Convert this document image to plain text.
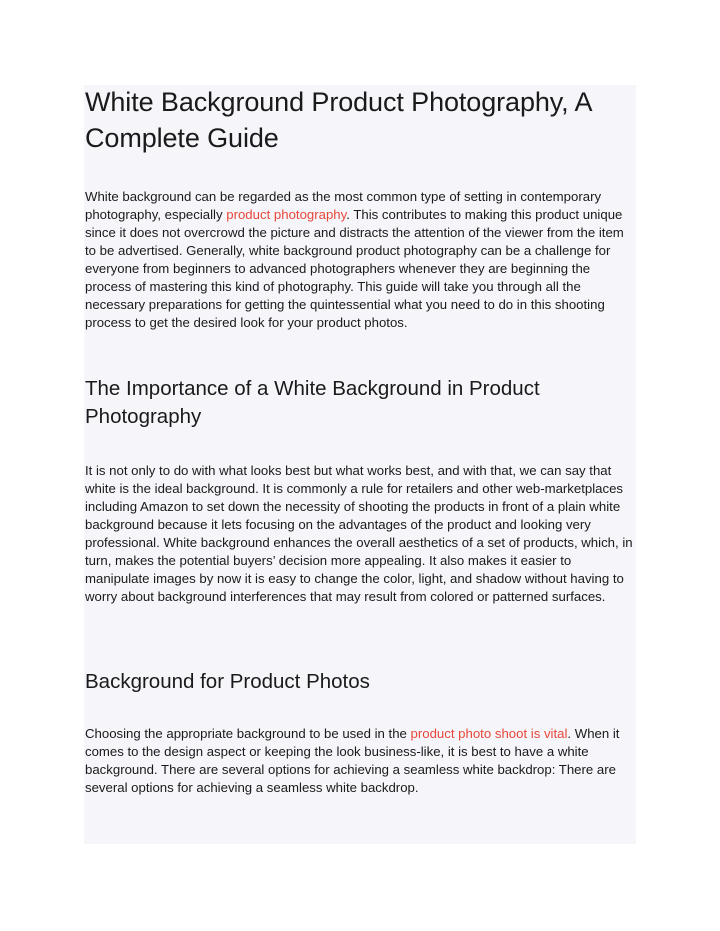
White Background Product Photography, A Complete Guide

White background can be regarded as the most common type of setting in contemporary photography, especially product photography. This contributes to making this product unique since it does not overcrowd the picture and distracts the attention of the viewer from the item to be advertised. Generally, white background product photography can be a challenge for everyone from beginners to advanced photographers whenever they are beginning the process of mastering this kind of photography. This guide will take you through all the necessary preparations for getting the quintessential what you need to do in this shooting process to get the desired look for your product photos.

The Importance of a White Background in Product Photography

It is not only to do with what looks best but what works best, and with that, we can say that white is the ideal background. It is commonly a rule for retailers and other web-marketplaces including Amazon to set down the necessity of shooting the products in front of a plain white background because it lets focusing on the advantages of the product and looking very professional. White background enhances the overall aesthetics of a set of products, which, in turn, makes the potential buyers’ decision more appealing. It also makes it easier to manipulate images by now it is easy to change the color, light, and shadow without having to worry about background interferences that may result from colored or patterned surfaces.

Background for Product Photos

Choosing the appropriate background to be used in the product photo shoot is vital. When it comes to the design aspect or keeping the look business-like, it is best to have a white background. There are several options for achieving a seamless white backdrop: There are several options for achieving a seamless white backdrop.
